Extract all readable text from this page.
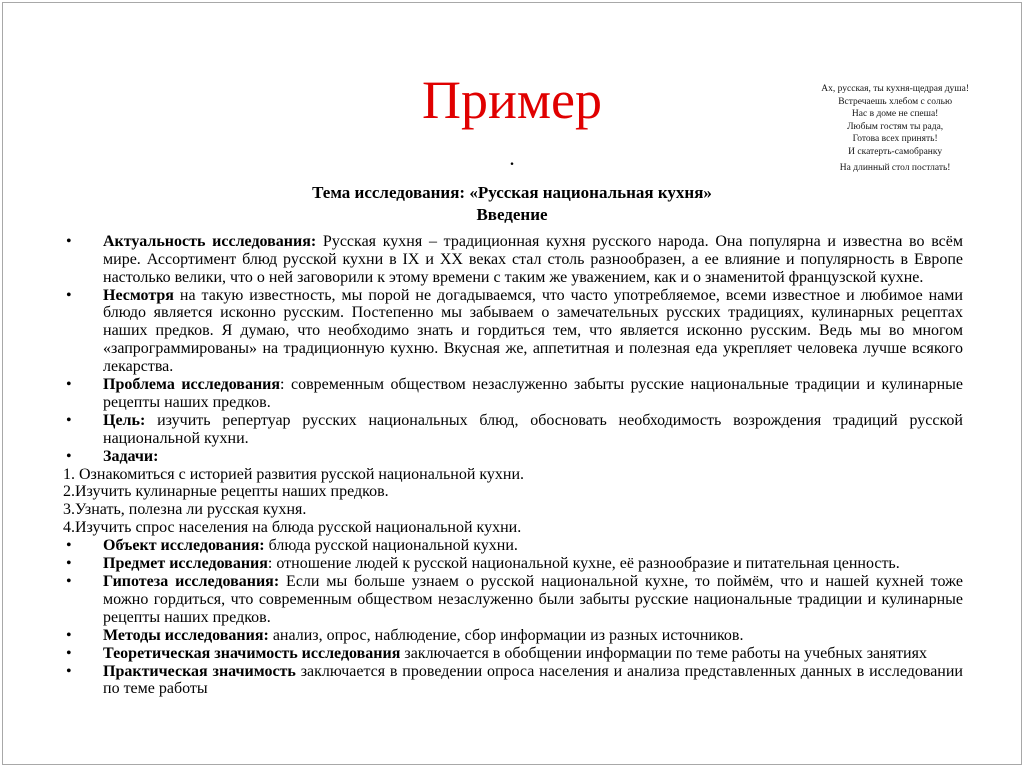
Пример	Ах, русская, ты кухня-щедрая душа!
Встречаешь хлебом с солью
Нас в доме не спеша!
Любым гостям ты рада,
Готова всех принять!
И скатерть-самобранку
На длинный стол постлать!
.
Тема исследования: «Русская национальная кухня»
Введение
• Актуальность исследования: Русская кухня – традиционная кухня русского народа. Она популярна и известна во всём мире. Ассортимент блюд русской кухни в IX и XX веках стал столь разнообразен, а ее влияние и популярность в Европе настолько велики, что о ней заговорили к этому времени с таким же уважением, как и о знаменитой французской кухне.
• Несмотря на такую известность, мы порой не догадываемся, что часто употребляемое, всеми известное и любимое нами блюдо является исконно русским. Постепенно мы забываем о замечательных русских традициях, кулинарных рецептах наших предков. Я думаю, что необходимо знать и гордиться тем, что является исконно русским. Ведь мы во многом «запрограммированы» на традиционную кухню. Вкусная же, аппетитная и полезная еда укрепляет человека лучше всякого лекарства.
• Проблема исследования: современным обществом незаслуженно забыты русские национальные традиции и кулинарные рецепты наших предков.
• Цель: изучить репертуар русских национальных блюд, обосновать необходимость возрождения традиций русской национальной кухни.
• Задачи:

1. Ознакомиться с историей развития русской национальной кухни.

2.Изучить кулинарные рецепты наших предков.

3.Узнать, полезна ли русская кухня.

4.Изучить спрос населения на блюда русской национальной кухни.

• Объект исследования: блюда русской национальной кухни.
• Предмет исследования: отношение людей к русской национальной кухне, её разнообразие и питательная ценность.
• Гипотеза исследования: Если мы больше узнаем о русской национальной кухне, то поймём, что и нашей кухней тоже можно гордиться, что современным обществом незаслуженно были забыты русские национальные традиции и кулинарные рецепты наших предков.
• Методы исследования: анализ, опрос, наблюдение, сбор информации из разных источников.
• Теоретическая значимость исследования заключается в обобщении информации по теме работы на учебных занятиях
• Практическая значимость заключается в проведении опроса населения и анализа представленных данных в исследовании по теме работы
